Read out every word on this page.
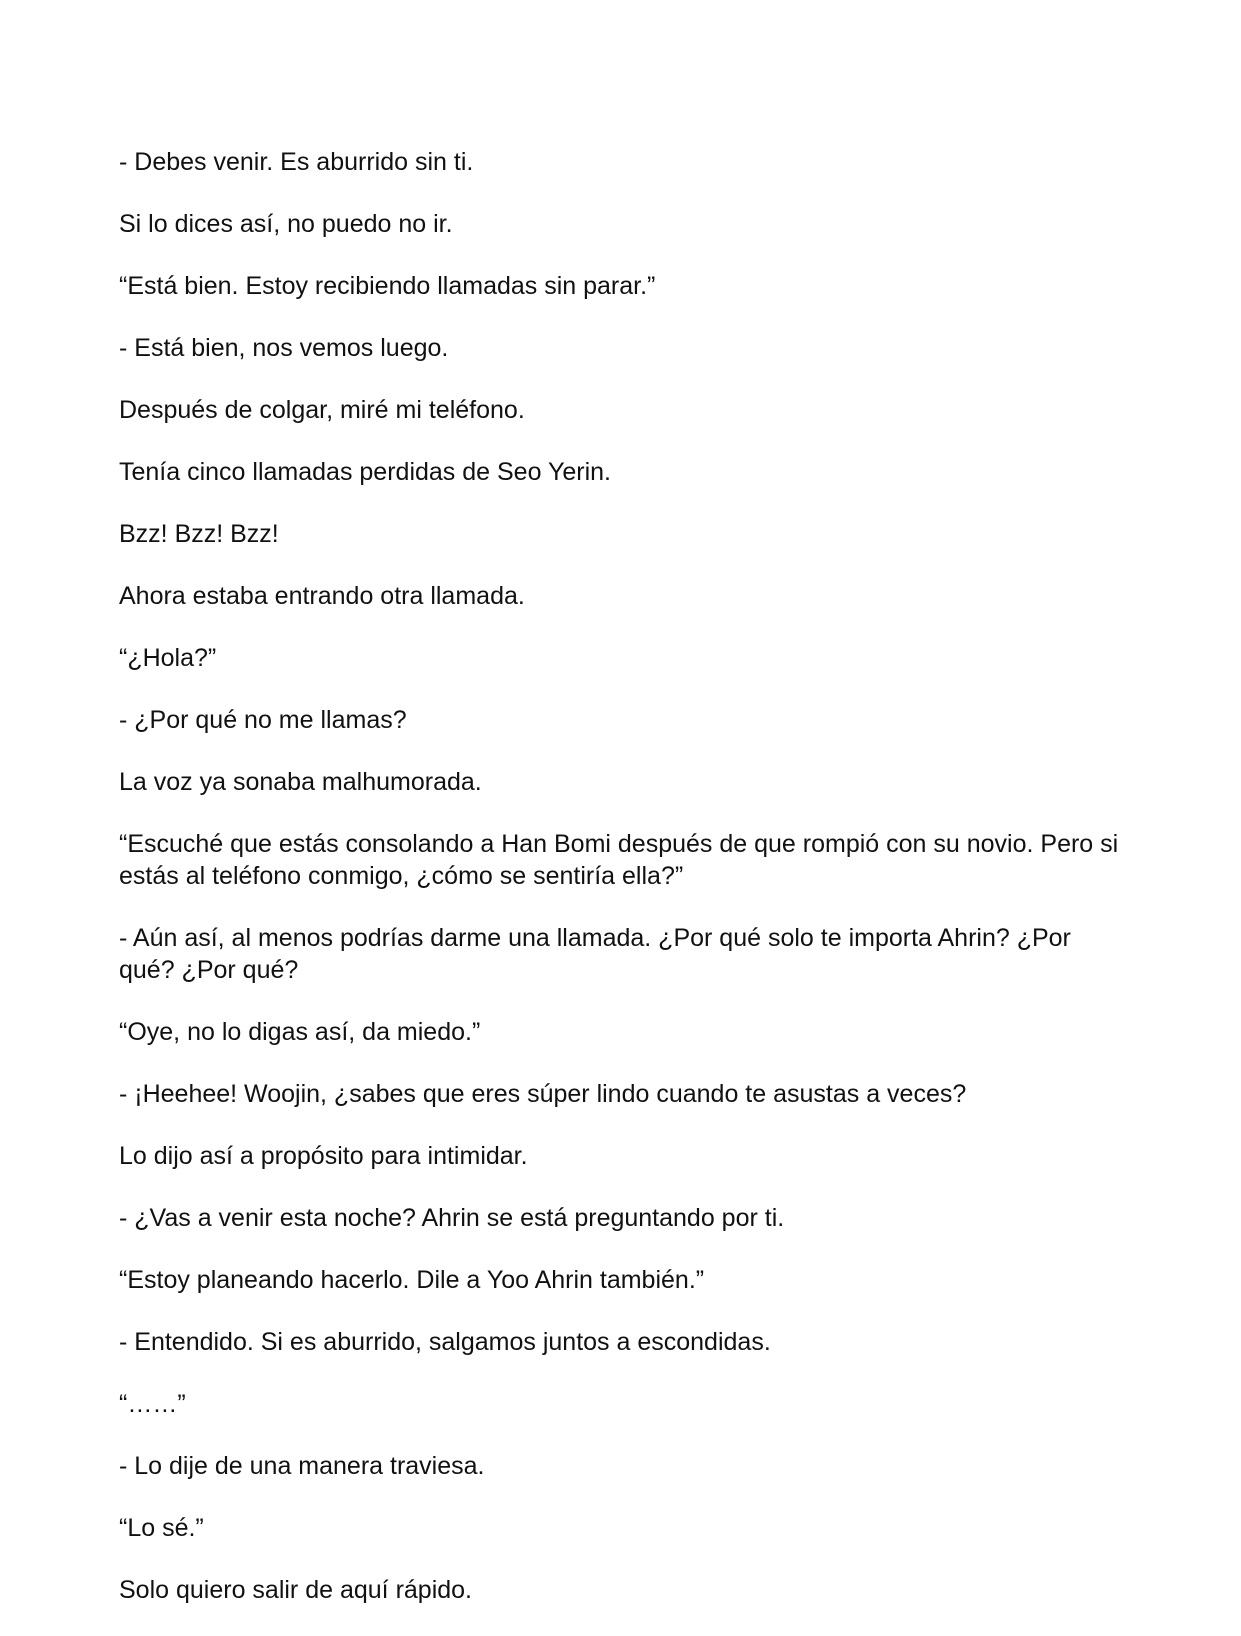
- Debes venir. Es aburrido sin ti.

Si lo dices así, no puedo no ir.

“Está bien. Estoy recibiendo llamadas sin parar.”

- Está bien, nos vemos luego.

Después de colgar, miré mi teléfono.

Tenía cinco llamadas perdidas de Seo Yerin.

Bzz! Bzz! Bzz!

Ahora estaba entrando otra llamada.

“¿Hola?”

- ¿Por qué no me llamas?

La voz ya sonaba malhumorada.

“Escuché que estás consolando a Han Bomi después de que rompió con su novio. Pero si estás al teléfono conmigo, ¿cómo se sentiría ella?”

- Aún así, al menos podrías darme una llamada. ¿Por qué solo te importa Ahrin? ¿Por qué? ¿Por qué?

“Oye, no lo digas así, da miedo.”

- ¡Heehee! Woojin, ¿sabes que eres súper lindo cuando te asustas a veces?

Lo dijo así a propósito para intimidar.

- ¿Vas a venir esta noche? Ahrin se está preguntando por ti.

“Estoy planeando hacerlo. Dile a Yoo Ahrin también.”

- Entendido. Si es aburrido, salgamos juntos a escondidas.

“……”

- Lo dije de una manera traviesa.

“Lo sé.”

Solo quiero salir de aquí rápido.
